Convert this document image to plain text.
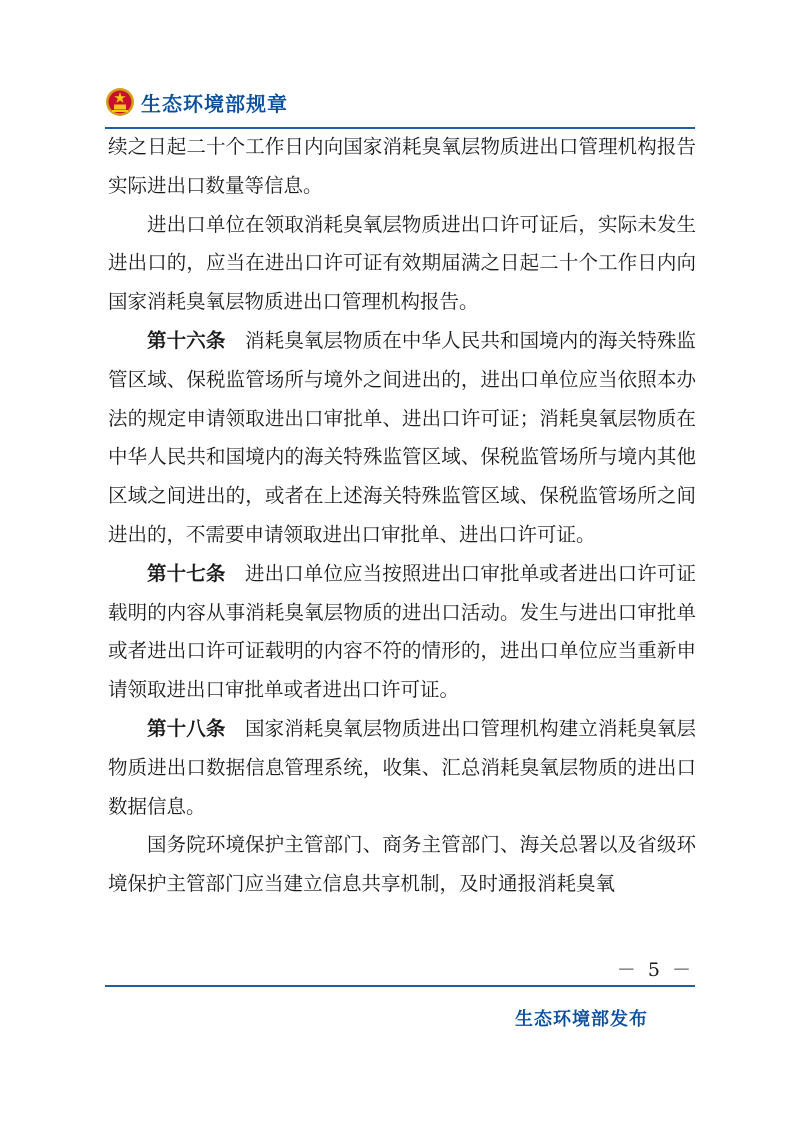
生态环境部规章

续之日起二十个工作日内向国家消耗臭氧层物质进出口管理机构报告实际进出口数量等信息。

进出口单位在领取消耗臭氧层物质进出口许可证后，实际未发生进出口的，应当在进出口许可证有效期届满之日起二十个工作日内向国家消耗臭氧层物质进出口管理机构报告。

第十六条 消耗臭氧层物质在中华人民共和国境内的海关特殊监管区域、保税监管场所与境外之间进出的，进出口单位应当依照本办法的规定申请领取进出口审批单、进出口许可证；消耗臭氧层物质在中华人民共和国境内的海关特殊监管区域、保税监管场所与境内其他区域之间进出的，或者在上述海关特殊监管区域、保税监管场所之间进出的，不需要申请领取进出口审批单、进出口许可证。

第十七条 进出口单位应当按照进出口审批单或者进出口许可证载明的内容从事消耗臭氧层物质的进出口活动。发生与进出口审批单或者进出口许可证载明的内容不符的情形的，进出口单位应当重新申请领取进出口审批单或者进出口许可证。

第十八条 国家消耗臭氧层物质进出口管理机构建立消耗臭氧层物质进出口数据信息管理系统，收集、汇总消耗臭氧层物质的进出口数据信息。

国务院环境保护主管部门、商务主管部门、海关总署以及省级环境保护主管部门应当建立信息共享机制，及时通报消耗臭氧

－ 5 －
生态环境部发布
